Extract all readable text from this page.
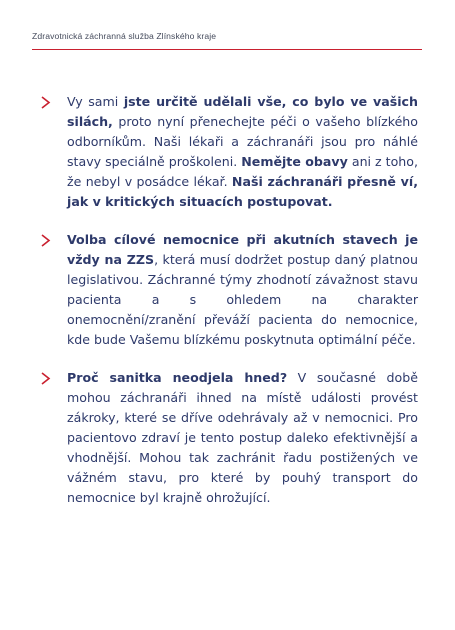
Zdravotnická záchranná služba Zlínského kraje
Vy sami jste určitě udělali vše, co bylo ve vašich silách, proto nyní přenechejte péči o vašeho blízkého odborníkům. Naši lékaři a záchranáři jsou pro náhlé stavy speciálně proškoleni. Nemějte obavy ani z toho, že nebyl v posádce lékař. Naši záchranáři přesně ví, jak v kritických situacích postupovat.
Volba cílové nemocnice při akutních stavech je vždy na ZZS, která musí dodržet postup daný platnou legislativou. Záchranné týmy zhodnotí závažnost stavu pacienta a s ohledem na charakter onemocnění/zranění převáží pacienta do nemocnice, kde bude Vašemu blízkému poskytnuta optimální péče.
Proč sanitka neodjela hned? V současné době mohou záchranáři ihned na místě události provést zákroky, které se dříve odehrávaly až v nemocnici. Pro pacientovo zdraví je tento postup daleko efektivnější a vhodnější. Mohou tak zachránit řadu postižených ve vážném stavu, pro které by pouhý transport do nemocnice byl krajně ohrožující.
